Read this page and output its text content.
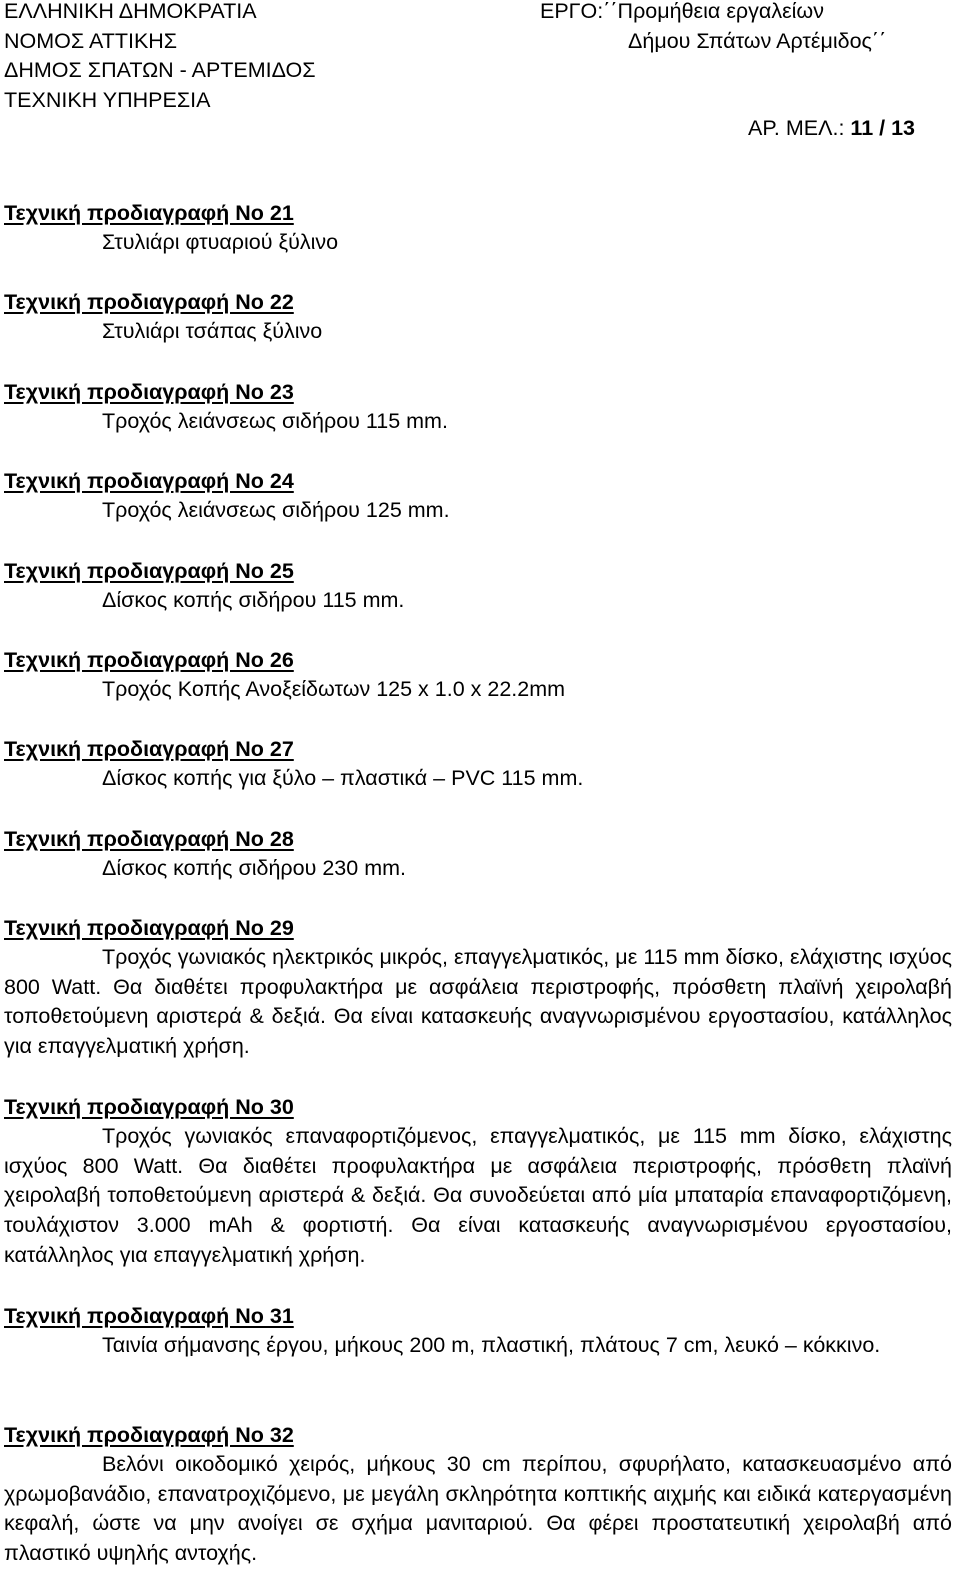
ΕΛΛΗΝΙΚΗ ΔΗΜΟΚΡΑΤΙΑ
ΝΟΜΟΣ ΑΤΤΙΚΗΣ
ΔΗΜΟΣ ΣΠΑΤΩΝ - ΑΡΤΕΜΙΔΟΣ
ΤΕΧΝΙΚΗ ΥΠΗΡΕΣΙΑ
ΕΡΓΟ:΄΄Προμήθεια εργαλείων
Δήμου Σπάτων Αρτέμιδος΄΄
ΑΡ. ΜΕΛ.: 11 / 13
Τεχνική προδιαγραφή Νο 21
Στυλιάρι φτυαριού ξύλινο
Τεχνική προδιαγραφή Νο 22
Στυλιάρι τσάπας ξύλινο
Τεχνική προδιαγραφή Νο 23
Τροχός λειάνσεως σιδήρου 115 mm.
Τεχνική προδιαγραφή Νο 24
Τροχός λειάνσεως σιδήρου 125 mm.
Τεχνική προδιαγραφή Νο 25
Δίσκος κοπής σιδήρου 115 mm.
Τεχνική προδιαγραφή Νο 26
Τροχός Κοπής Ανοξείδωτων 125 x 1.0 x 22.2mm
Τεχνική προδιαγραφή Νο 27
Δίσκος κοπής για ξύλο – πλαστικά – PVC 115 mm.
Τεχνική προδιαγραφή Νο 28
Δίσκος κοπής σιδήρου 230 mm.
Τεχνική προδιαγραφή Νο 29
Τροχός γωνιακός ηλεκτρικός μικρός, επαγγελματικός, με 115 mm δίσκο, ελάχιστης ισχύος 800 Watt. Θα διαθέτει προφυλακτήρα με ασφάλεια περιστροφής, πρόσθετη πλαϊνή χειρολαβή τοποθετούμενη αριστερά & δεξιά. Θα είναι κατασκευής αναγνωρισμένου εργοστασίου, κατάλληλος για επαγγελματική χρήση.
Τεχνική προδιαγραφή Νο 30
Τροχός γωνιακός επαναφορτιζόμενος, επαγγελματικός, με 115 mm δίσκο, ελάχιστης ισχύος 800 Watt. Θα διαθέτει προφυλακτήρα με ασφάλεια περιστροφής, πρόσθετη πλαϊνή χειρολαβή τοποθετούμενη αριστερά & δεξιά. Θα συνοδεύεται από μία μπαταρία επαναφορτιζόμενη, τουλάχιστον 3.000 mAh & φορτιστή. Θα είναι κατασκευής αναγνωρισμένου εργοστασίου, κατάλληλος για επαγγελματική χρήση.
Τεχνική προδιαγραφή Νο 31
Ταινία σήμανσης έργου, μήκους 200 m, πλαστική, πλάτους 7 cm, λευκό – κόκκινο.
Τεχνική προδιαγραφή Νο 32
Βελόνι οικοδομικό χειρός, μήκους 30 cm περίπου, σφυρήλατο, κατασκευασμένο από χρωμοβανάδιο, επανατροχιζόμενο, με μεγάλη σκληρότητα κοπτικής αιχμής και ειδικά κατεργασμένη κεφαλή, ώστε να μην ανοίγει σε σχήμα μανιταριού. Θα φέρει προστατευτική χειρολαβή από πλαστικό υψηλής αντοχής.
